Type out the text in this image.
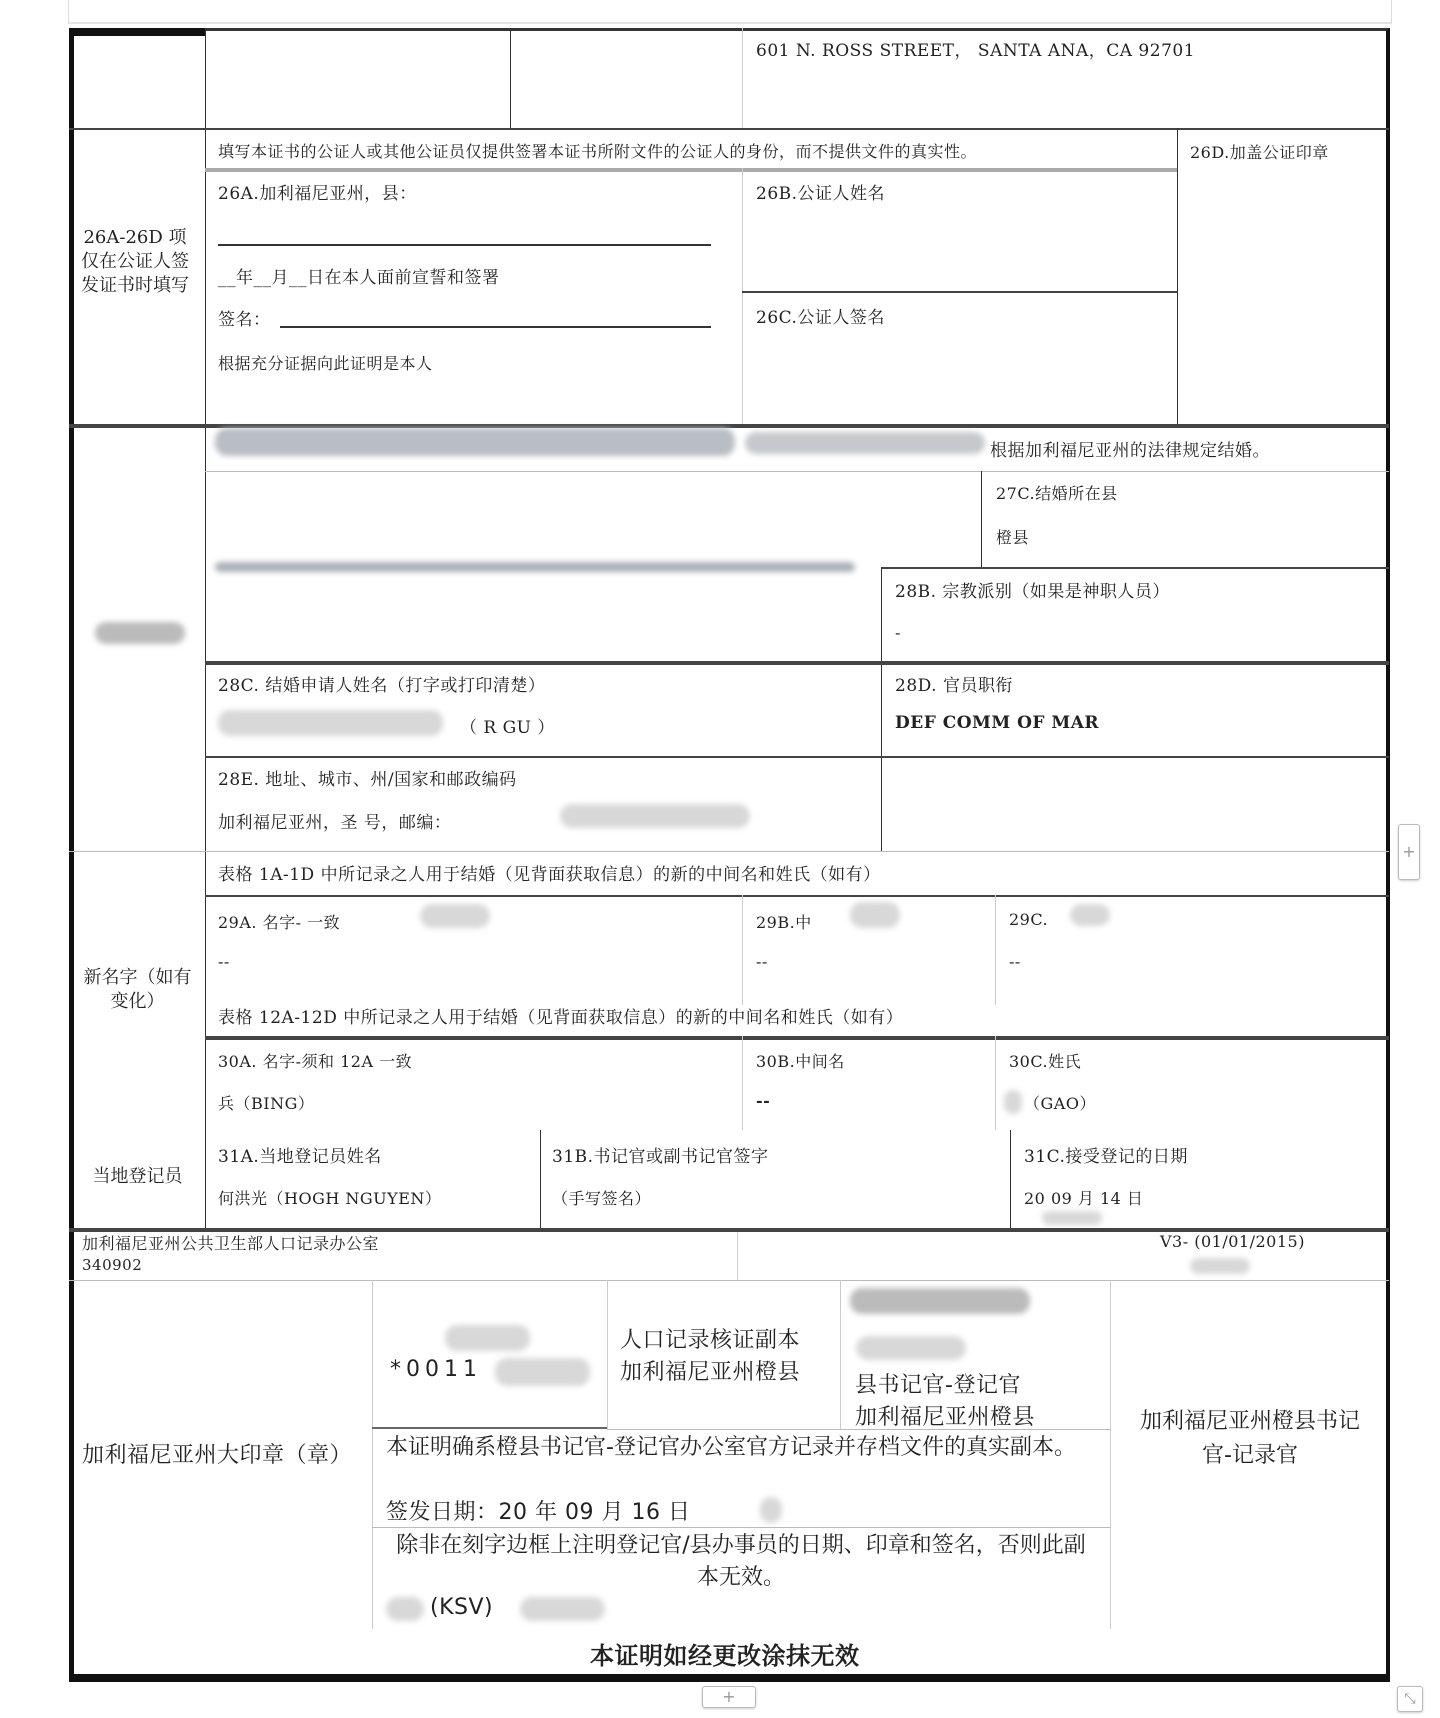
601 N. ROSS STREET， SANTA ANA，CA 92701
26A-26D 项仅在公证人签发证书时填写
填写本证书的公证人或其他公证员仅提供签署本证书所附文件的公证人的身份，而不提供文件的真实性。	26D.加盖公证印章
26A.加利福尼亚州，县：
__年__月__日在本人面前宣誓和签署
签名：
根据充分证据向此证明是本人
26B.公证人姓名
26C.公证人签名
根据加利福尼亚州的法律规定结婚。
27C.结婚所在县
橙县
28B. 宗教派别（如果是神职人员）
-
28C. 结婚申请人姓名（打字或打印清楚）
（ R GU ）
28D. 官员职衔
DEF COMM OF MAR
28E. 地址、城市、州/国家和邮政编码
加利福尼亚州，圣 号，邮编：
新名字（如有变化）
表格 1A-1D 中所记录之人用于结婚（见背面获取信息）的新的中间名和姓氏（如有）
29A. 名字- 一致	29B.中	29C.
--	--	--
表格 12A-12D 中所记录之人用于结婚（见背面获取信息）的新的中间名和姓氏（如有）
30A. 名字-须和 12A 一致	30B.中间名	30C.姓氏
兵（BING）	--	（GAO）
当地登记员
31A.当地登记员姓名
何洪光（HOGH NGUYEN）
31B.书记官或副书记官签字
（手写签名）
31C.接受登记的日期
20 09 月 14 日
加利福尼亚州公共卫生部人口记录办公室
340902
V3- (01/01/2015)
加利福尼亚州大印章（章）
*0011
人口记录核证副本
加利福尼亚州橙县
县书记官-登记官
加利福尼亚州橙县
本证明确系橙县书记官-登记官办公室官方记录并存档文件的真实副本。
签发日期：20 年 09 月 16 日
除非在刻字边框上注明登记官/县办事员的日期、印章和签名，否则此副本无效。
(KSV)
加利福尼亚州橙县书记官-记录官
本证明如经更改涂抹无效
+
+	⤡
